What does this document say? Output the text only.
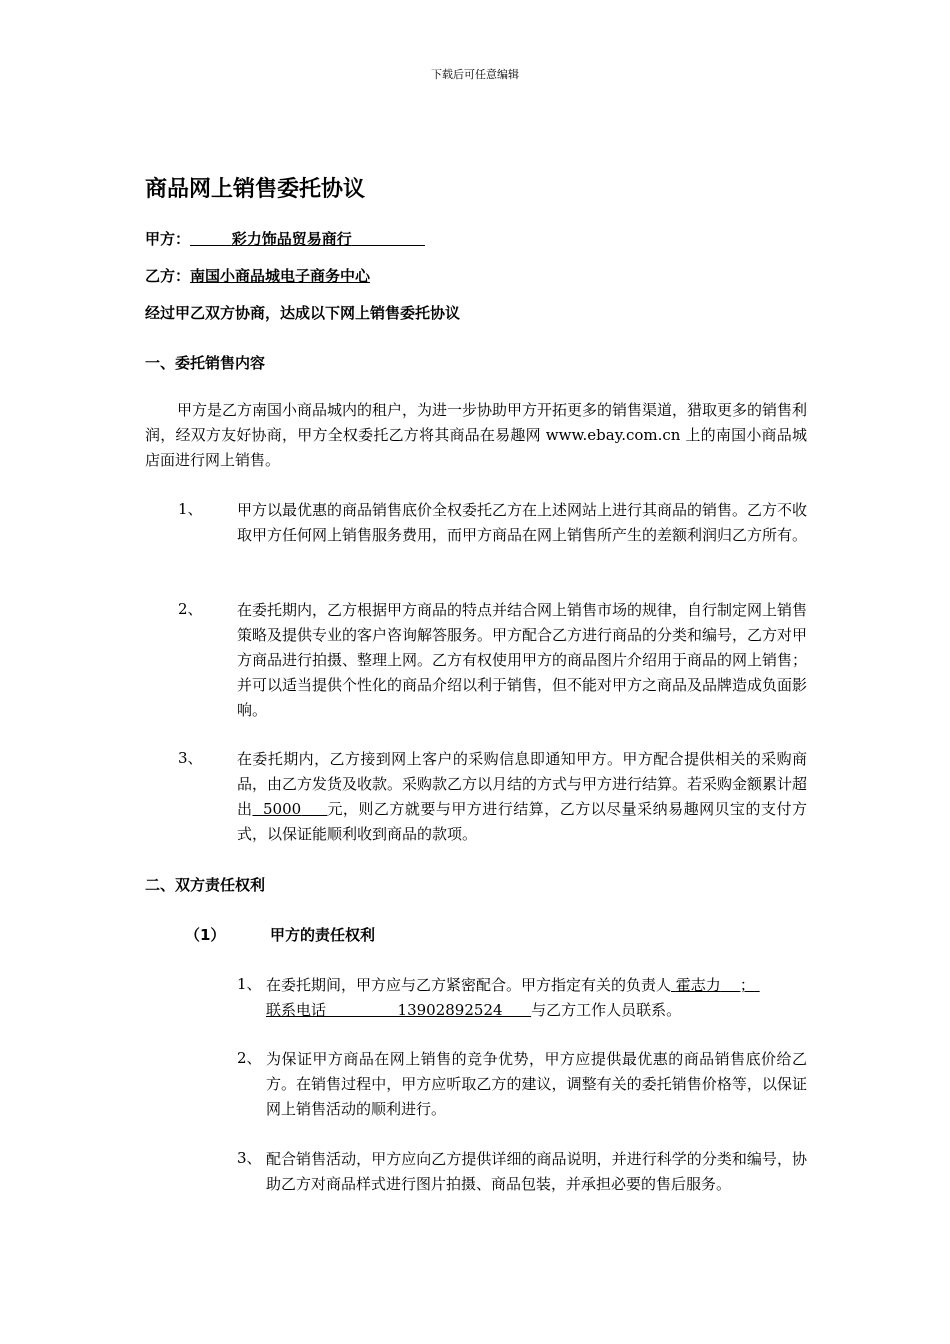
下载后可任意编辑
商品网上销售委托协议
甲方：	彩力饰品贸易商行
乙方：南国小商品城电子商务中心
经过甲乙双方协商，达成以下网上销售委托协议
一、委托销售内容
甲方是乙方南国小商品城内的租户，为进一步协助甲方开拓更多的销售渠道，猎取更多的销售利润，经双方友好协商，甲方全权委托乙方将其商品在易趣网 www.ebay.com.cn 上的南国小商品城店面进行网上销售。
1、 甲方以最优惠的商品销售底价全权委托乙方在上述网站上进行其商品的销售。乙方不收取甲方任何网上销售服务费用，而甲方商品在网上销售所产生的差额利润归乙方所有。
2、 在委托期内，乙方根据甲方商品的特点并结合网上销售市场的规律，自行制定网上销售策略及提供专业的客户咨询解答服务。甲方配合乙方进行商品的分类和编号，乙方对甲方商品进行拍摄、整理上网。乙方有权使用甲方的商品图片介绍用于商品的网上销售；并可以适当提供个性化的商品介绍以利于销售，但不能对甲方之商品及品牌造成负面影响。
3、 在委托期内，乙方接到网上客户的采购信息即通知甲方。甲方配合提供相关的采购商品，由乙方发货及收款。采购款乙方以月结的方式与甲方进行结算。若采购金额累计超出 5000 元，则乙方就要与甲方进行结算，乙方以尽量采纳易趣网贝宝的支付方式，以保证能顺利收到商品的款项。
二、双方责任权利
（1）	甲方的责任权利
1、 在委托期间，甲方应与乙方紧密配合。甲方指定有关的负责人 霍志力 ；
联系电话	13902892524 与乙方工作人员联系。
2、 为保证甲方商品在网上销售的竞争优势，甲方应提供最优惠的商品销售底价给乙方。在销售过程中，甲方应听取乙方的建议，调整有关的委托销售价格等，以保证网上销售活动的顺利进行。
3、 配合销售活动，甲方应向乙方提供详细的商品说明，并进行科学的分类和编号，协助乙方对商品样式进行图片拍摄、商品包装，并承担必要的售后服务。
